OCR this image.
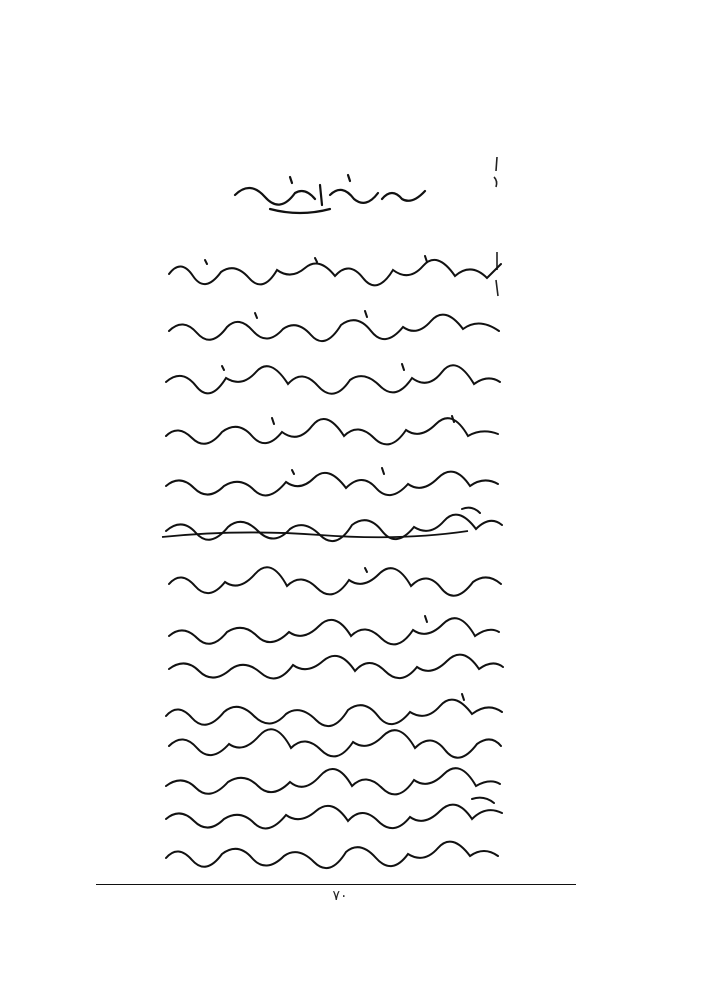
۷۰
